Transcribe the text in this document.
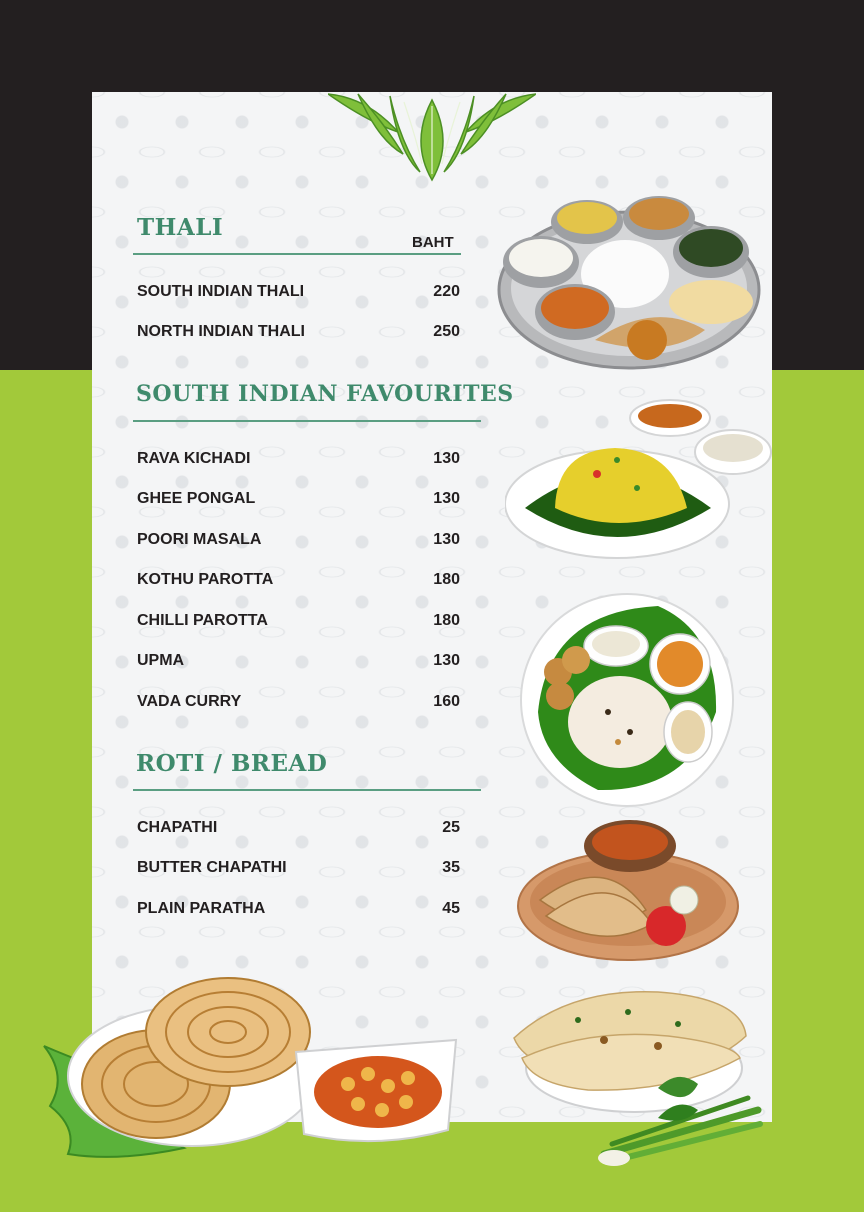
THALI
BAHT
SOUTH INDIAN THALI	220
NORTH INDIAN THALI	250
SOUTH INDIAN FAVOURITES
RAVA KICHADI	130
GHEE PONGAL	130
POORI MASALA	130
KOTHU PAROTTA	180
CHILLI PAROTTA	180
UPMA	130
VADA CURRY	160
ROTI / BREAD
CHAPATHI	25
BUTTER CHAPATHI	35
PLAIN PARATHA	45
